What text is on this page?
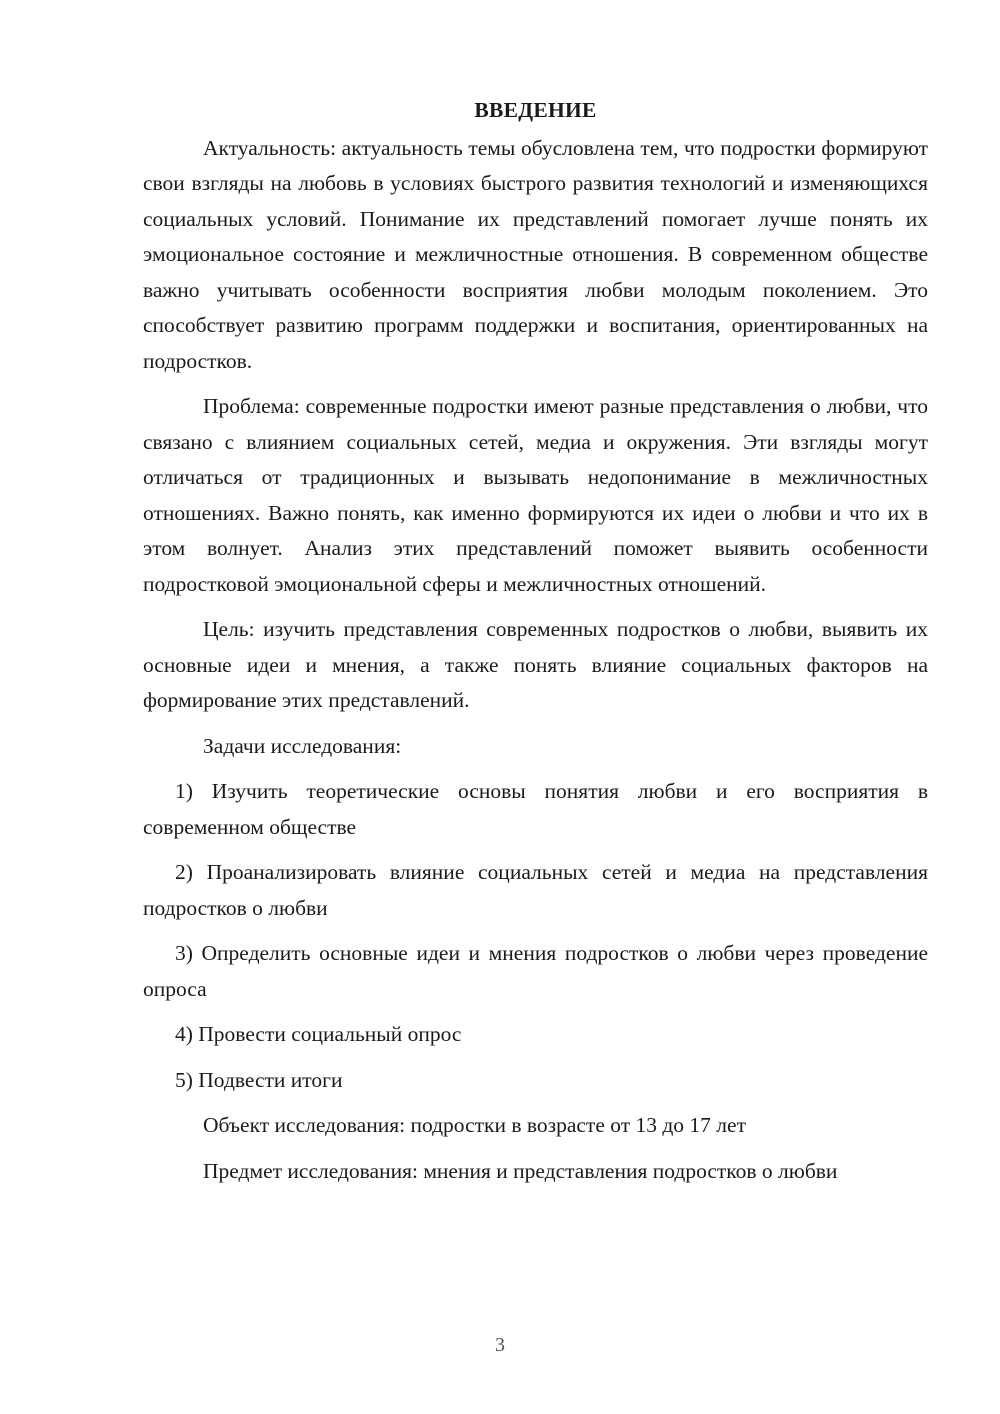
ВВЕДЕНИЕ

Актуальность: актуальность темы обусловлена тем, что подростки формируют свои взгляды на любовь в условиях быстрого развития технологий и изменяющихся социальных условий. Понимание их представлений помогает лучше понять их эмоциональное состояние и межличностные отношения. В современном обществе важно учитывать особенности восприятия любви молодым поколением. Это способствует развитию программ поддержки и воспитания, ориентированных на подростков.

Проблема: современные подростки имеют разные представления о любви, что связано с влиянием социальных сетей, медиа и окружения. Эти взгляды могут отличаться от традиционных и вызывать недопонимание в межличностных отношениях. Важно понять, как именно формируются их идеи о любви и что их в этом волнует. Анализ этих представлений поможет выявить особенности подростковой эмоциональной сферы и межличностных отношений.

Цель: изучить представления современных подростков о любви, выявить их основные идеи и мнения, а также понять влияние социальных факторов на формирование этих представлений.

Задачи исследования:

1) Изучить теоретические основы понятия любви и его восприятия в современном обществе

2) Проанализировать влияние социальных сетей и медиа на представления подростков о любви

3) Определить основные идеи и мнения подростков о любви через проведение опроса

4) Провести социальный опрос

5) Подвести итоги

Объект исследования: подростки в возрасте от 13 до 17 лет

Предмет исследования: мнения и представления подростков о любви

3
